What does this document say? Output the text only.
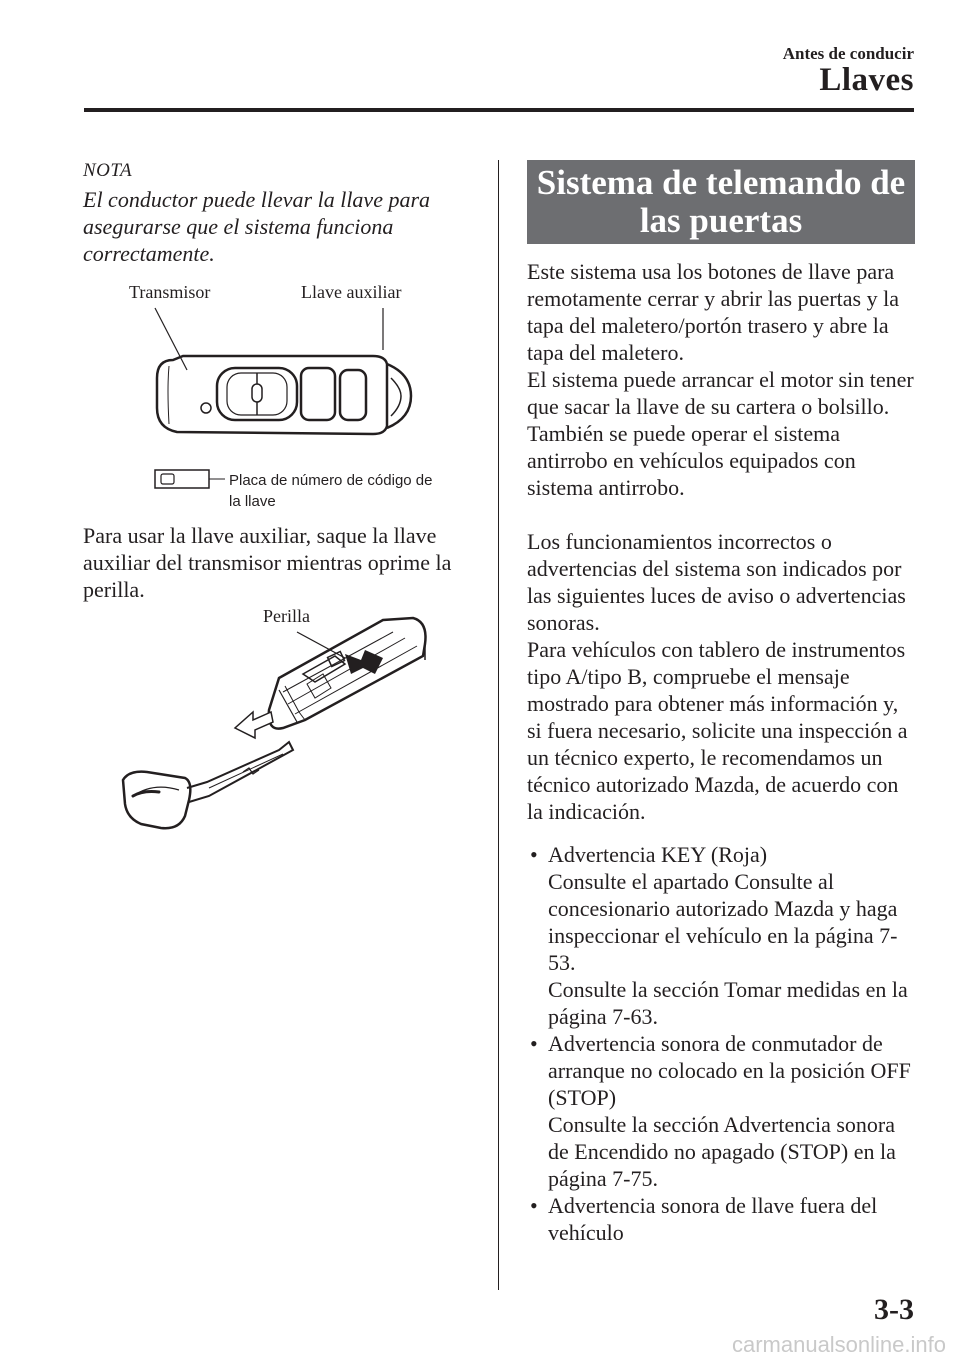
Antes de conducir
Llaves
NOTA
El conductor puede llevar la llave para asegurarse que el sistema funciona correctamente.
Transmisor	Llave auxiliar
Placa de número de código de
la llave
Para usar la llave auxiliar, saque la llave auxiliar del transmisor mientras oprime la perilla.
Perilla
Sistema de telemando de
las puertas
Este sistema usa los botones de llave para remotamente cerrar y abrir las puertas y la tapa del maletero/portón trasero y abre la tapa del maletero.
El sistema puede arrancar el motor sin tener que sacar la llave de su cartera o bolsillo.
También se puede operar el sistema antirrobo en vehículos equipados con sistema antirrobo.
Los funcionamientos incorrectos o advertencias del sistema son indicados por las siguientes luces de aviso o advertencias sonoras.
Para vehículos con tablero de instrumentos tipo A/tipo B, compruebe el mensaje mostrado para obtener más información y, si fuera necesario, solicite una inspección a un técnico experto, le recomendamos un técnico autorizado Mazda, de acuerdo con la indicación.
• Advertencia KEY (Roja)
Consulte el apartado Consulte al concesionario autorizado Mazda y haga inspeccionar el vehículo en la página 7-53.
Consulte la sección Tomar medidas en la página 7-63.
• Advertencia sonora de conmutador de arranque no colocado en la posición OFF (STOP)
Consulte la sección Advertencia sonora de Encendido no apagado (STOP) en la página 7-75.
• Advertencia sonora de llave fuera del vehículo
3-3
carmanualsonline.info
